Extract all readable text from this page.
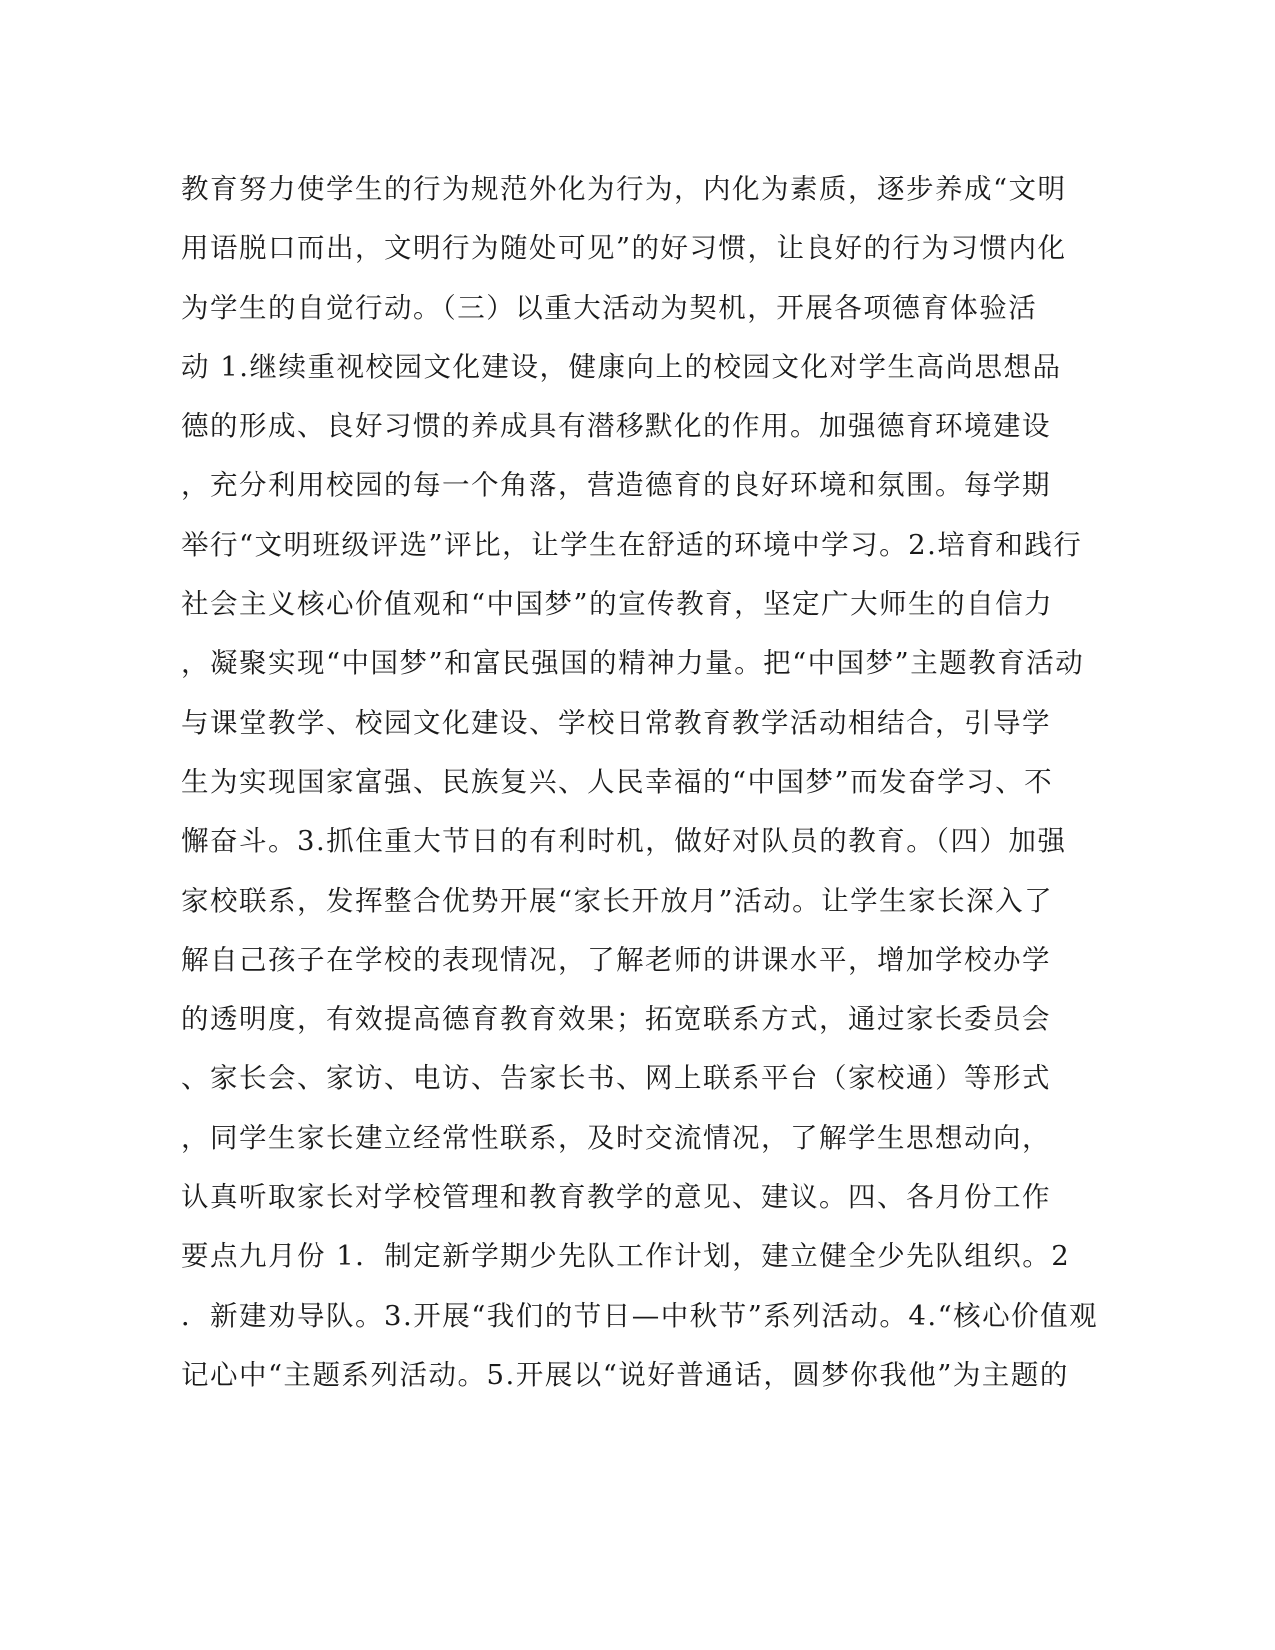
教育努力使学生的行为规范外化为行为，内化为素质，逐步养成“文明
用语脱口而出，文明行为随处可见”的好习惯，让良好的行为习惯内化
为学生的自觉行动。（三）以重大活动为契机，开展各项德育体验活
动 1.继续重视校园文化建设，健康向上的校园文化对学生高尚思想品
德的形成、良好习惯的养成具有潜移默化的作用。加强德育环境建设
，充分利用校园的每一个角落，营造德育的良好环境和氛围。每学期
举行“文明班级评选”评比，让学生在舒适的环境中学习。2.培育和践行
社会主义核心价值观和“中国梦”的宣传教育，坚定广大师生的自信力
，凝聚实现“中国梦”和富民强国的精神力量。把“中国梦”主题教育活动
与课堂教学、校园文化建设、学校日常教育教学活动相结合，引导学
生为实现国家富强、民族复兴、人民幸福的“中国梦”而发奋学习、不
懈奋斗。3.抓住重大节日的有利时机，做好对队员的教育。（四）加强
家校联系，发挥整合优势开展“家长开放月”活动。让学生家长深入了
解自己孩子在学校的表现情况，了解老师的讲课水平，增加学校办学
的透明度，有效提高德育教育效果；拓宽联系方式，通过家长委员会
、家长会、家访、电访、告家长书、网上联系平台（家校通）等形式
，同学生家长建立经常性联系，及时交流情况，了解学生思想动向，
认真听取家长对学校管理和教育教学的意见、建议。四、各月份工作
要点九月份 1．制定新学期少先队工作计划，建立健全少先队组织。2
．新建劝导队。3.开展“我们的节日—中秋节”系列活动。4.“核心价值观
记心中“主题系列活动。5.开展以“说好普通话，圆梦你我他”为主题的
